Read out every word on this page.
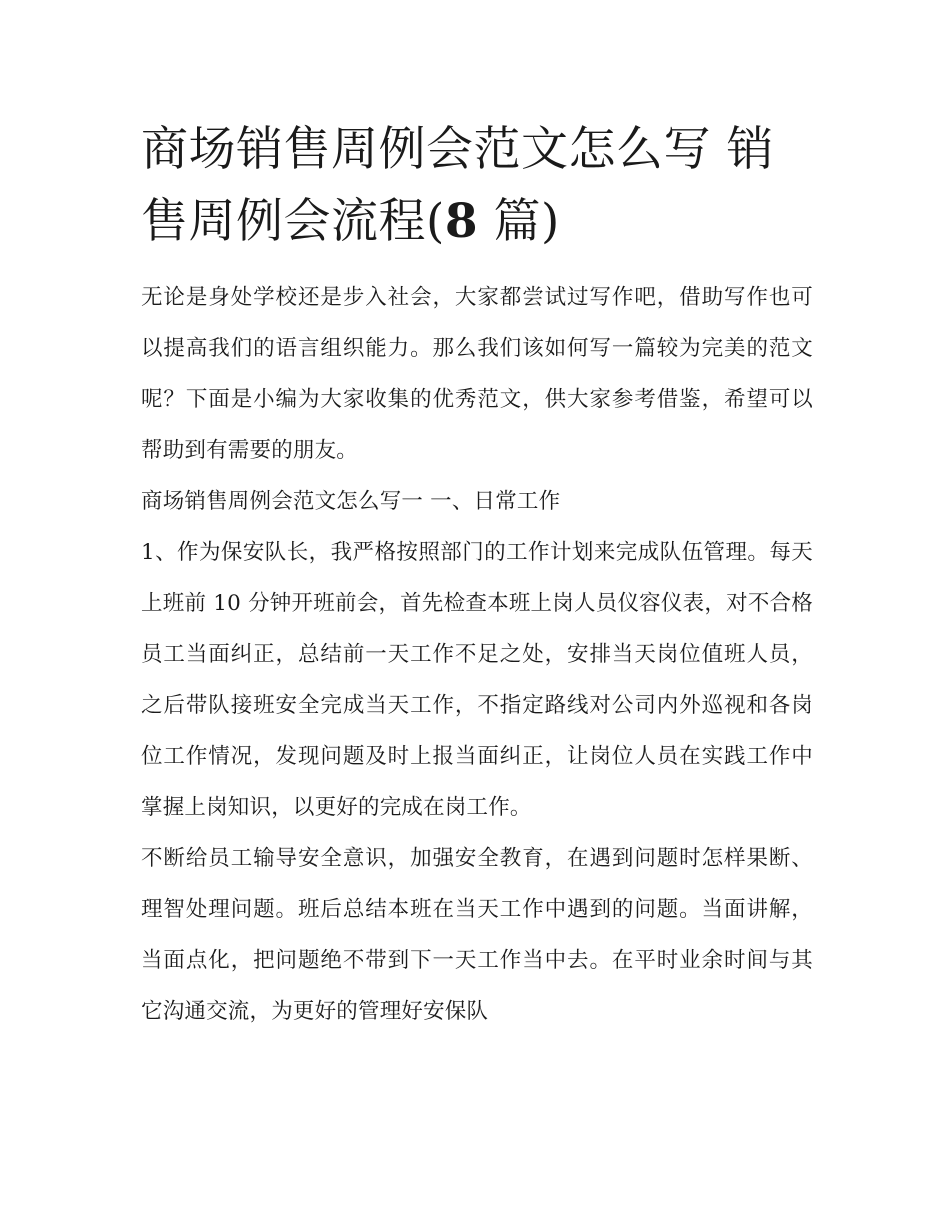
商场销售周例会范文怎么写 销售周例会流程(8 篇)

无论是身处学校还是步入社会，大家都尝试过写作吧，借助写作也可以提高我们的语言组织能力。那么我们该如何写一篇较为完美的范文呢？下面是小编为大家收集的优秀范文，供大家参考借鉴，希望可以帮助到有需要的朋友。

商场销售周例会范文怎么写一 一、日常工作

1、作为保安队长，我严格按照部门的工作计划来完成队伍管理。每天上班前 10 分钟开班前会，首先检查本班上岗人员仪容仪表，对不合格员工当面纠正，总结前一天工作不足之处，安排当天岗位值班人员，之后带队接班安全完成当天工作，不指定路线对公司内外巡视和各岗位工作情况，发现问题及时上报当面纠正，让岗位人员在实践工作中掌握上岗知识，以更好的完成在岗工作。

不断给员工输导安全意识，加强安全教育，在遇到问题时怎样果断、理智处理问题。班后总结本班在当天工作中遇到的问题。当面讲解，当面点化，把问题绝不带到下一天工作当中去。在平时业余时间与其它沟通交流，为更好的管理好安保队
